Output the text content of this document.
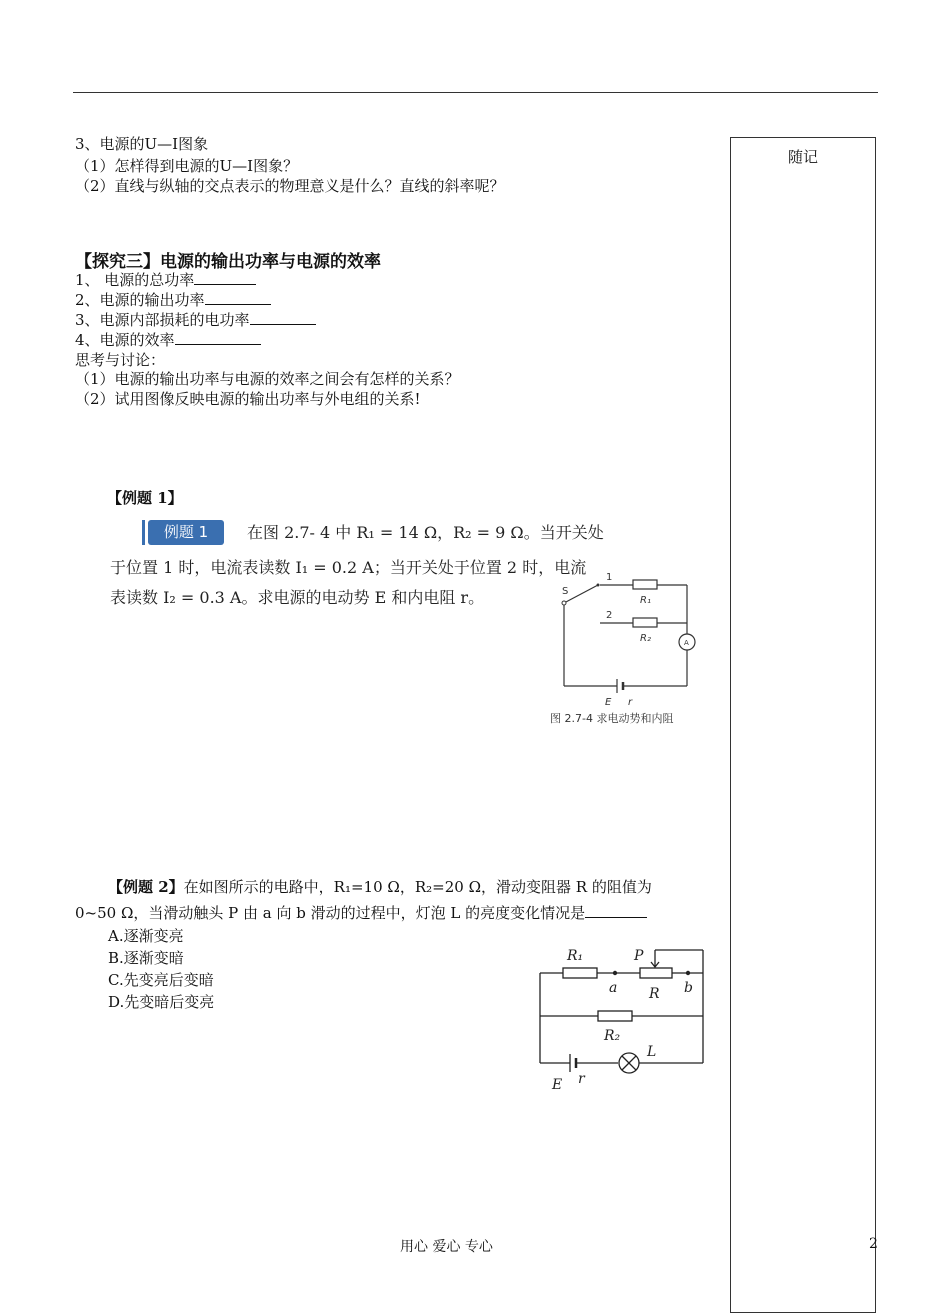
随记
3、电源的U—I图象
（1）怎样得到电源的U—I图象？
（2）直线与纵轴的交点表示的物理意义是什么？直线的斜率呢？
【探究三】电源的输出功率与电源的效率
1、 电源的总功率
2、电源的输出功率
3、电源内部损耗的电功率
4、电源的效率
思考与讨论：
（1）电源的输出功率与电源的效率之间会有怎样的关系？
（2）试用图像反映电源的输出功率与外电组的关系!
【例题 1】
例题 1	在图 2.7- 4 中 R₁ = 14 Ω，R₂ = 9 Ω。当开关处
于位置 1 时，电流表读数 I₁ = 0.2 A；当开关处于位置 2 时，电流
表读数 I₂ = 0.3 A。求电源的电动势 E 和内电阻 r。	S
1
2
R₁
R₂	A
E r
图 2.7-4 求电动势和内阻
【例题 2】在如图所示的电路中，R₁=10 Ω，R₂=20 Ω，滑动变阻器 R 的阻值为
0~50 Ω，当滑动触头 P 由 a 向 b 滑动的过程中，灯泡 L 的亮度变化情况是
A.逐渐变亮
B.逐渐变暗
C.先变亮后变暗
D.先变暗后变亮
R₁	P
a R b
R₂
L
E r
用心 爱心 专心	2
